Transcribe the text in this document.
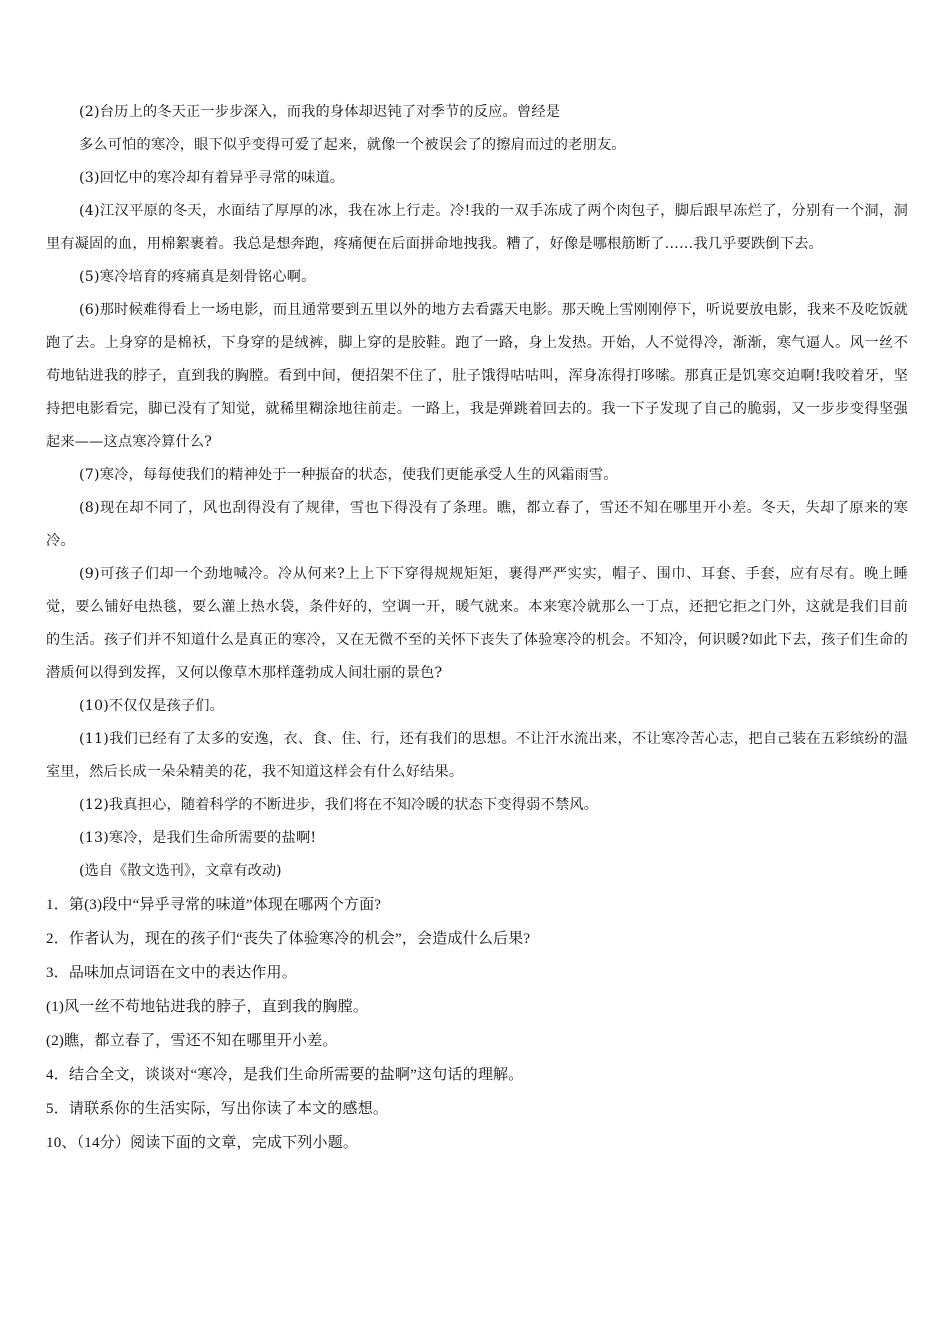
(2)台历上的冬天正一步步深入，而我的身体却迟钝了对季节的反应。曾经是

多么可怕的寒冷，眼下似乎变得可爱了起来，就像一个被误会了的擦肩而过的老朋友。

(3)回忆中的寒冷却有着异乎寻常的味道。

(4)江汉平原的冬天，水面结了厚厚的冰，我在冰上行走。冷!我的一双手冻成了两个肉包子，脚后跟早冻烂了，分别有一个洞，洞里有凝固的血，用棉絮裹着。我总是想奔跑，疼痛便在后面拼命地拽我。糟了，好像是哪根筋断了……我几乎要跌倒下去。

(5)寒冷培育的疼痛真是刻骨铭心啊。

(6)那时候难得看上一场电影，而且通常要到五里以外的地方去看露天电影。那天晚上雪刚刚停下，听说要放电影，我来不及吃饭就跑了去。上身穿的是棉袄，下身穿的是绒裤，脚上穿的是胶鞋。跑了一路，身上发热。开始，人不觉得冷，渐渐，寒气逼人。风一丝不苟地钻进我的脖子，直到我的胸膛。看到中间，便招架不住了，肚子饿得咕咕叫，浑身冻得打哆嗦。那真正是饥寒交迫啊!我咬着牙，坚持把电影看完，脚已没有了知觉，就稀里糊涂地往前走。一路上，我是弹跳着回去的。我一下子发现了自己的脆弱，又一步步变得坚强起来——这点寒冷算什么?

(7)寒冷，每每使我们的精神处于一种振奋的状态，使我们更能承受人生的风霜雨雪。

(8)现在却不同了，风也刮得没有了规律，雪也下得没有了条理。瞧，都立春了，雪还不知在哪里开小差。冬天，失却了原来的寒冷。

(9)可孩子们却一个劲地喊冷。冷从何来?上上下下穿得规规矩矩，裹得严严实实，帽子、围巾、耳套、手套，应有尽有。晚上睡觉，要么铺好电热毯，要么灌上热水袋，条件好的，空调一开，暖气就来。本来寒冷就那么一丁点，还把它拒之门外，这就是我们目前的生活。孩子们并不知道什么是真正的寒冷，又在无微不至的关怀下丧失了体验寒冷的机会。不知冷，何识暖?如此下去，孩子们生命的潜质何以得到发挥，又何以像草木那样蓬勃成人间壮丽的景色?

(10)不仅仅是孩子们。

(11)我们已经有了太多的安逸，衣、食、住、行，还有我们的思想。不让汗水流出来，不让寒冷苦心志，把自己装在五彩缤纷的温室里，然后长成一朵朵精美的花，我不知道这样会有什么好结果。

(12)我真担心，随着科学的不断进步，我们将在不知冷暖的状态下变得弱不禁风。

(13)寒冷，是我们生命所需要的盐啊!

(选自《散文选刊》，文章有改动)

1．第(3)段中“异乎寻常的味道”体现在哪两个方面?

2．作者认为，现在的孩子们“丧失了体验寒冷的机会”，会造成什么后果?

3．品味加点词语在文中的表达作用。

(1)风一丝不苟地钻进我的脖子，直到我的胸膛。

(2)瞧，都立春了，雪还不知在哪里开小差。

4．结合全文，谈谈对“寒冷，是我们生命所需要的盐啊”这句话的理解。

5．请联系你的生活实际，写出你读了本文的感想。

10、（14分）阅读下面的文章，完成下列小题。
